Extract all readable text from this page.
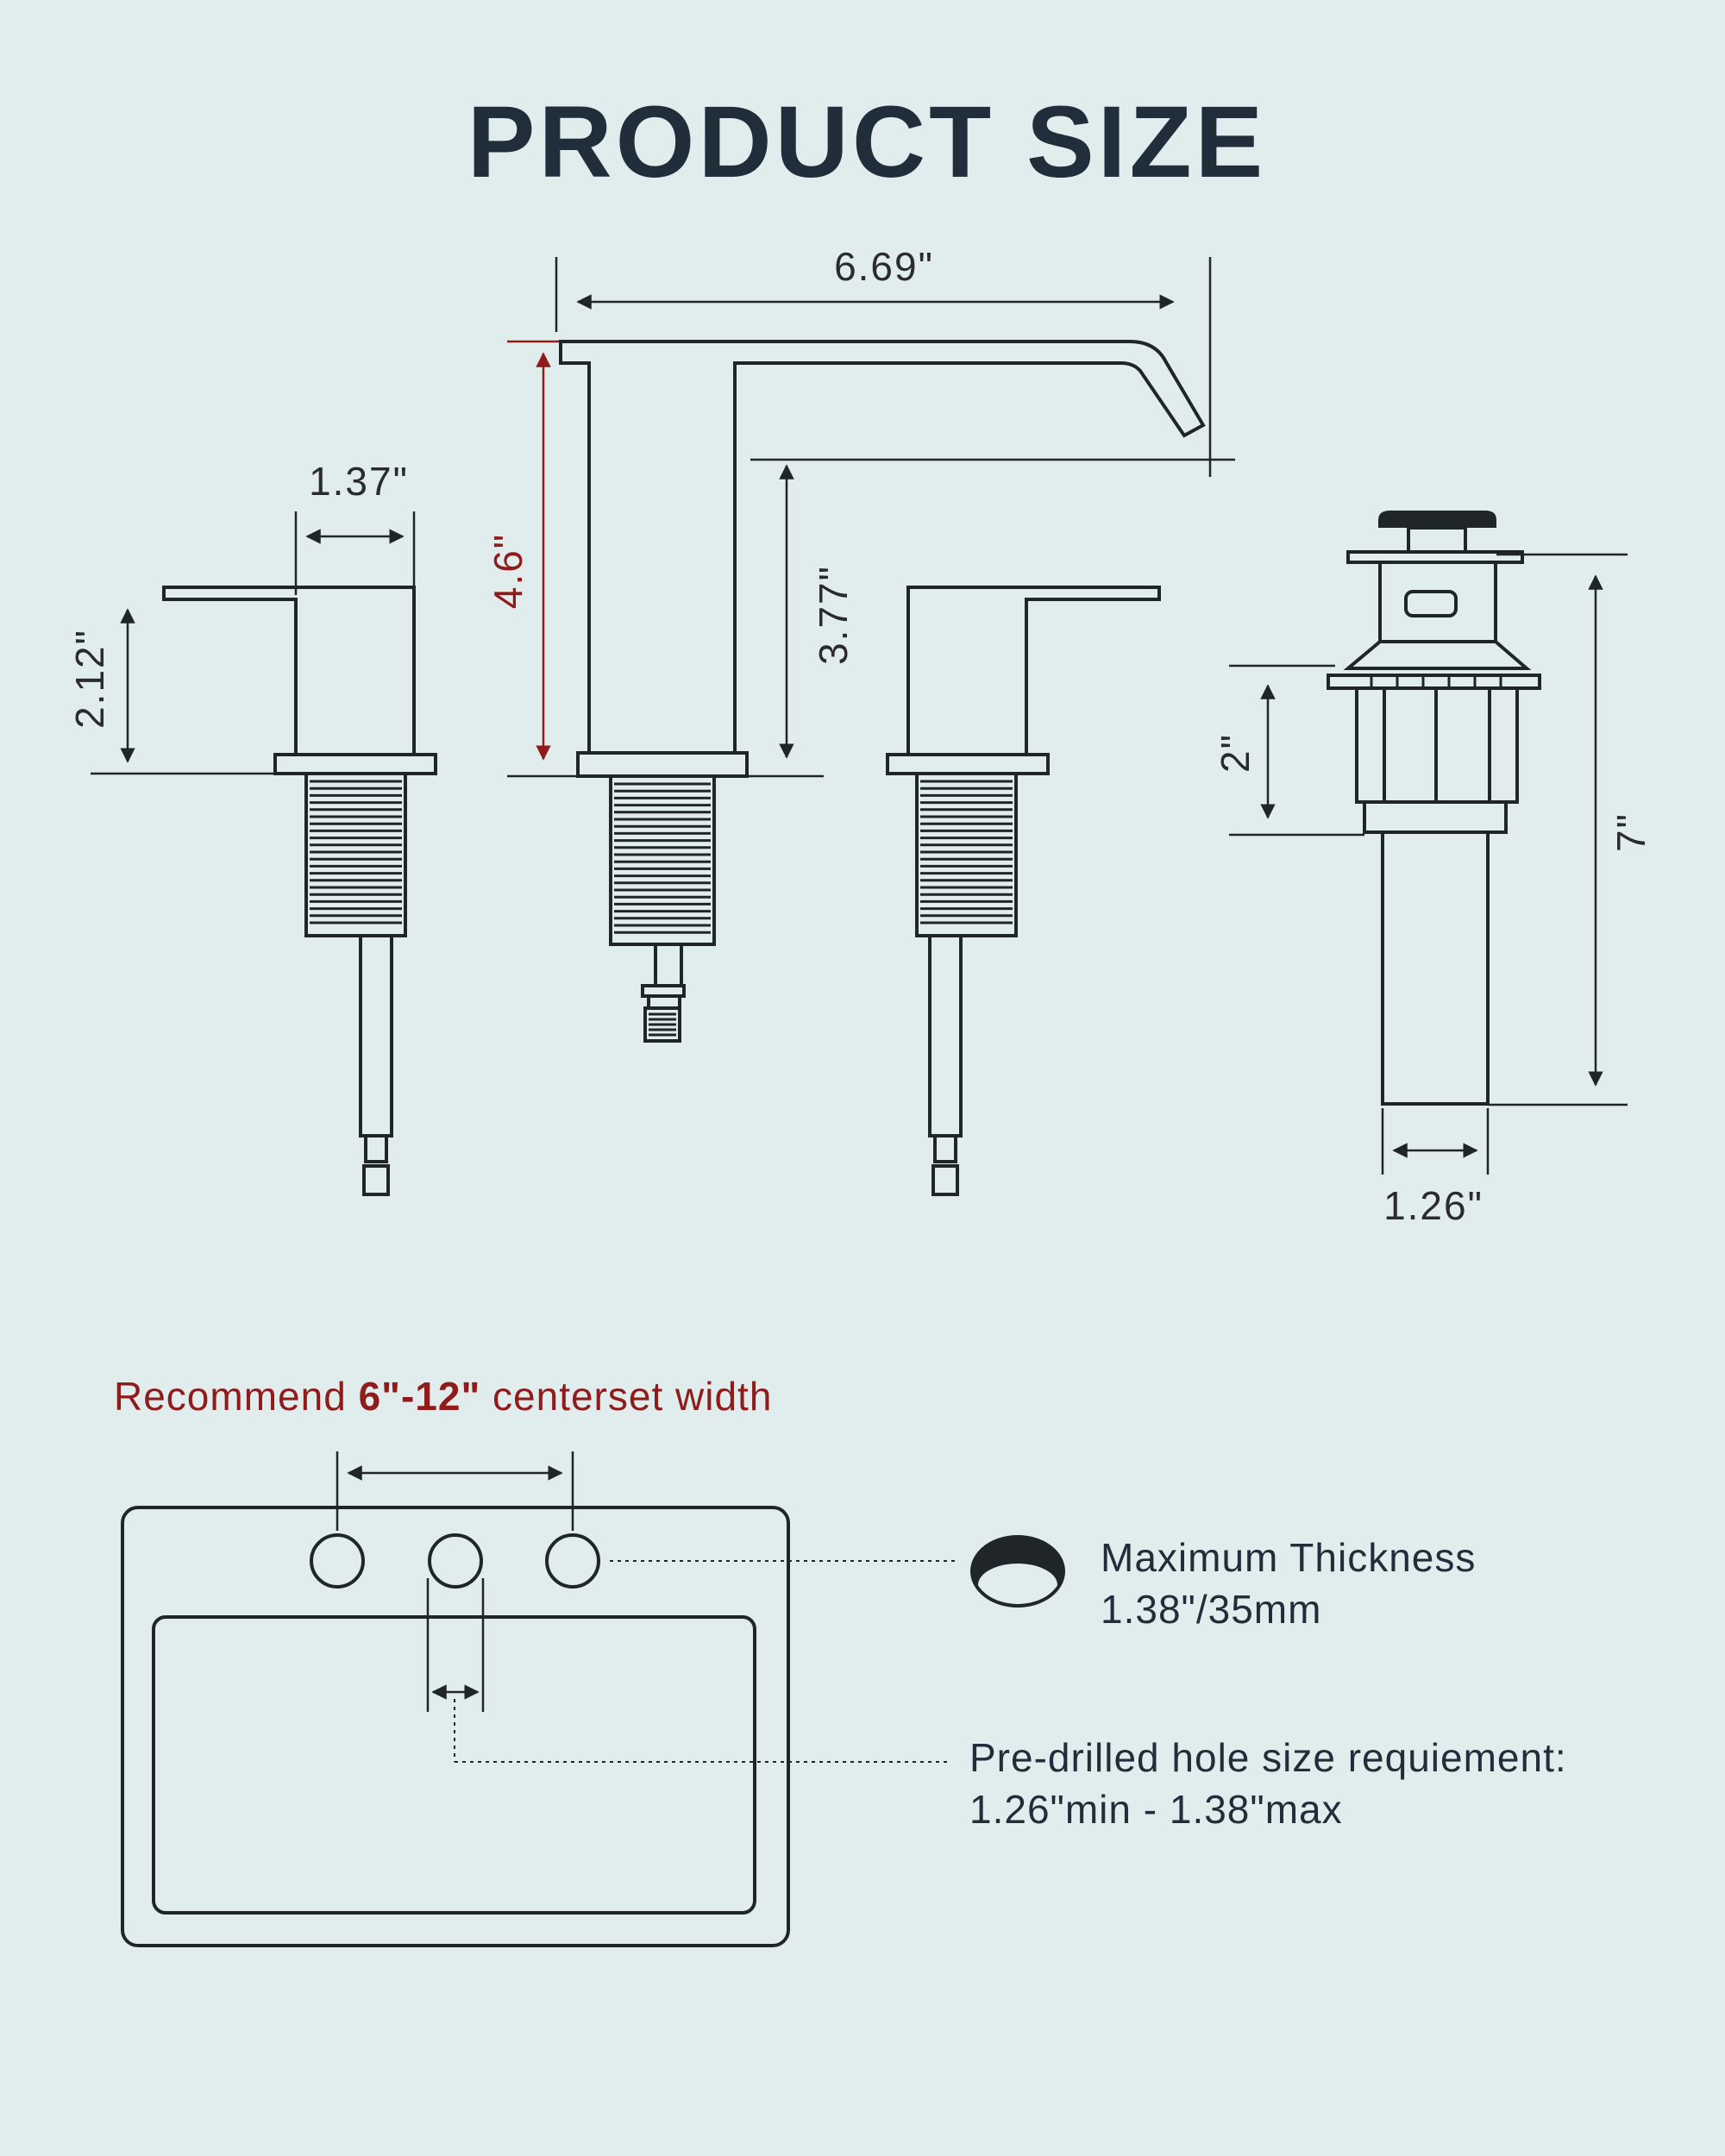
PRODUCT SIZE
1.37"
2.12"
6.69"
4.6"	3.77"
7"
2"
1.26"
Recommend 6"-12" centerset width
Maximum Thickness
1.38"/35mm
Pre-drilled hole size requiement:
1.26"min - 1.38"max
